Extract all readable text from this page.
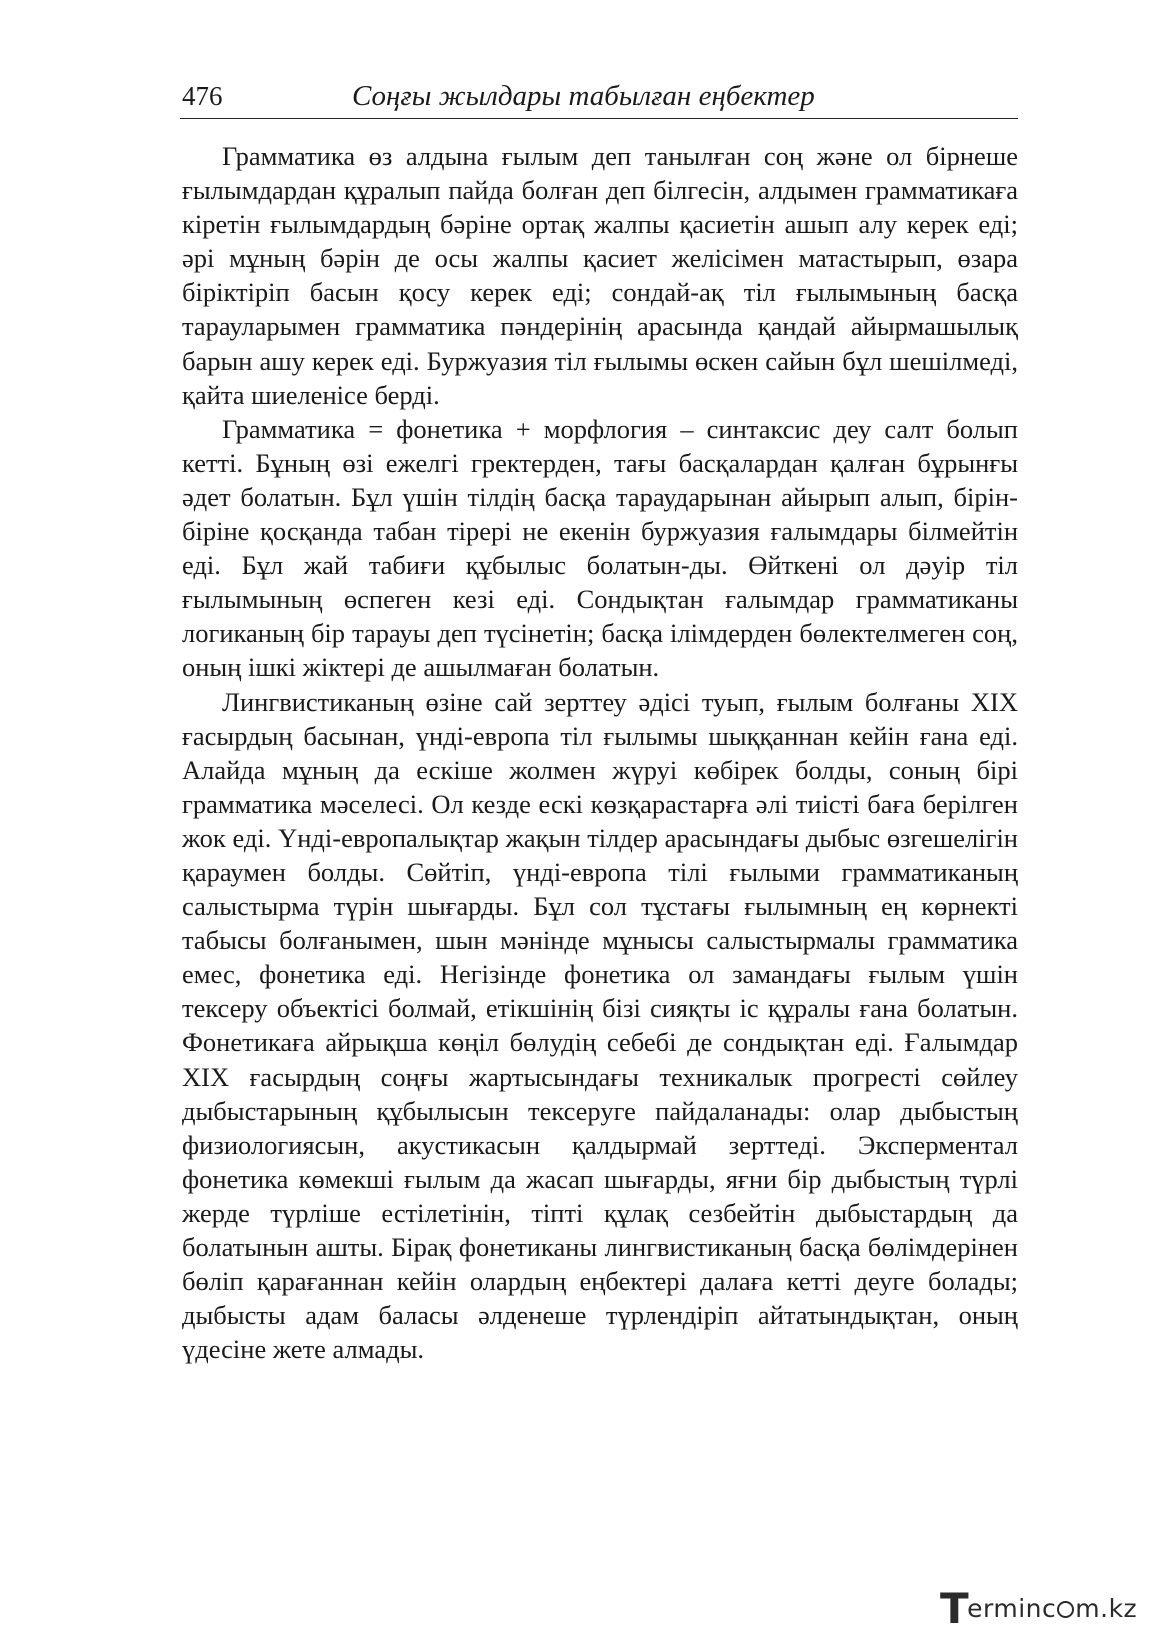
476	Соңғы жылдары табылған еңбектер

Грамматика өз алдына ғылым деп танылған соң және ол бірнеше ғылымдардан құралып пайда болған деп білгесін, алдымен грамматикаға кіретін ғылымдардың бәріне ортақ жалпы қасиетін ашып алу керек еді; әрі мұның бәрін де осы жалпы қасиет желісімен матастырып, өзара біріктіріп басын қосу керек еді; сондай-ақ тіл ғылымының басқа тарауларымен грамматика пәндерінің арасында қандай айырмашылық барын ашу керек еді. Буржуазия тіл ғылымы өскен сайын бұл шешілмеді, қайта шиеленісе берді.

Грамматика = фонетика + морфлогия – синтаксис деу салт болып кетті. Бұның өзі ежелгі гректерден, тағы басқалардан қалған бұрынғы әдет болатын. Бұл үшін тілдің басқа тараударынан айырып алып, бірін-біріне қосқанда табан тірері не екенін буржуазия ғалымдары білмейтін еді. Бұл жай табиғи құбылыс болатын-ды. Өйткені ол дәуір тіл ғылымының өспеген кезі еді. Сондықтан ғалымдар грамматиканы логиканың бір тарауы деп түсінетін; басқа ілімдерден бөлектелмеген соң, оның ішкі жіктері де ашылмаған болатын.

Лингвистиканың өзіне сай зерттеу әдісі туып, ғылым болғаны XIX ғасырдың басынан, үнді-европа тіл ғылымы шыққаннан кейін ғана еді. Алайда мұның да ескіше жолмен жүруі көбірек болды, соның бірі грамматика мәселесі. Ол кезде ескі көзқарастарға әлі тиісті баға берілген жок еді. Үнді-европалықтар жақын тілдер арасындағы дыбыс өзгешелігін қараумен болды. Сөйтіп, үнді-европа тілі ғылыми грамматиканың салыстырма түрін шығарды. Бұл сол тұстағы ғылымның ең көрнекті табысы болғанымен, шын мәнінде мұнысы салыстырмалы грамматика емес, фонетика еді. Негізінде фонетика ол замандағы ғылым үшін тексеру объектісі болмай, етікшінің бізі сияқты іс құралы ғана болатын. Фонетикаға айрықша көңіл бөлудің себебі де сондықтан еді. Ғалымдар XIX ғасырдың соңғы жартысындағы техникалык прогресті сөйлеу дыбыстарының құбылысын тексеруге пайдаланады: олар дыбыстың физиологиясын, акустикасын қалдырмай зерттеді. Эксперментал фонетика көмекші ғылым да жасап шығарды, яғни бір дыбыстың түрлі жерде түрліше естілетінін, тіпті құлақ сезбейтін дыбыстардың да болатынын ашты. Бірақ фонетиканы лингвистиканың басқа бөлімдерінен бөліп қарағаннан кейін олардың еңбектері далаға кетті деуге болады; дыбысты адам баласы әлденеше түрлендіріп айтатындықтан, оның үдесіне жете алмады.

Terminc m.kz
